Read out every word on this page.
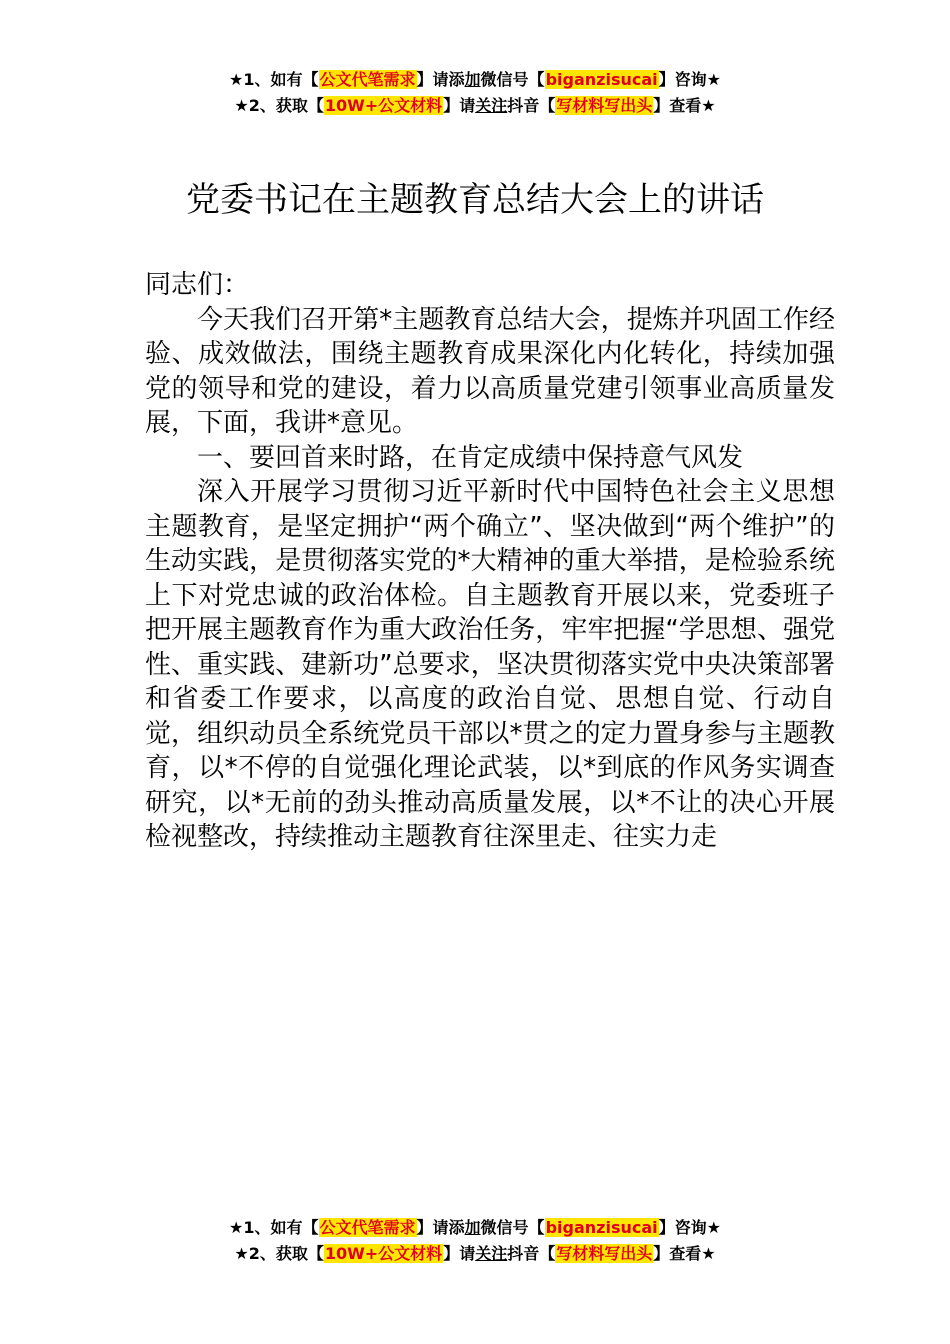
★1、如有【公文代笔需求】请添加微信号【biganzisucai】咨询★
★2、获取【10W+公文材料】请关注抖音【写材料写出头】查看★
党委书记在主题教育总结大会上的讲话

同志们：

今天我们召开第*主题教育总结大会，提炼并巩固工作经验、成效做法，围绕主题教育成果深化内化转化，持续加强党的领导和党的建设，着力以高质量党建引领事业高质量发展，下面，我讲*意见。

一、要回首来时路，在肯定成绩中保持意气风发

深入开展学习贯彻习近平新时代中国特色社会主义思想主题教育，是坚定拥护“两个确立”、坚决做到“两个维护”的生动实践，是贯彻落实党的*大精神的重大举措，是检验系统上下对党忠诚的政治体检。自主题教育开展以来，党委班子把开展主题教育作为重大政治任务，牢牢把握“学思想、强党性、重实践、建新功”总要求，坚决贯彻落实党中央决策部署和省委工作要求，以高度的政治自觉、思想自觉、行动自觉，组织动员全系统党员干部以*贯之的定力置身参与主题教育，以*不停的自觉强化理论武装，以*到底的作风务实调查研究，以*无前的劲头推动高质量发展，以*不让的决心开展检视整改，持续推动主题教育往深里走、往实力走

★1、如有【公文代笔需求】请添加微信号【biganzisucai】咨询★
★2、获取【10W+公文材料】请关注抖音【写材料写出头】查看★
